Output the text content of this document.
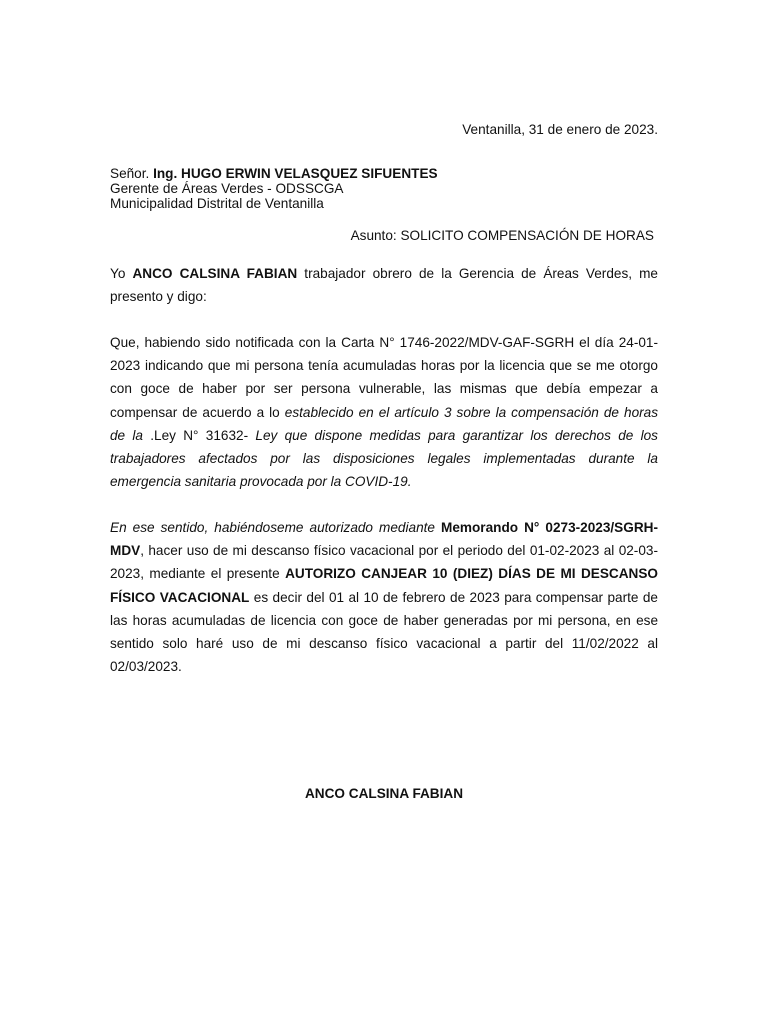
Ventanilla, 31 de enero de 2023.
Señor. Ing. HUGO ERWIN VELASQUEZ SIFUENTES
Gerente de Áreas Verdes - ODSSCGA
Municipalidad Distrital de Ventanilla
Asunto: SOLICITO COMPENSACIÓN DE HORAS
Yo ANCO CALSINA FABIAN trabajador obrero de la Gerencia de Áreas Verdes, me presento y digo:
Que, habiendo sido notificada con la Carta N° 1746-2022/MDV-GAF-SGRH el día 24-01-2023 indicando que mi persona tenía acumuladas horas por la licencia que se me otorgo con goce de haber por ser persona vulnerable, las mismas que debía empezar a compensar de acuerdo a lo establecido en el artículo 3 sobre la compensación de horas de la .Ley N° 31632- Ley que dispone medidas para garantizar los derechos de los trabajadores afectados por las disposiciones legales implementadas durante la emergencia sanitaria provocada por la COVID-19.
En ese sentido, habiéndoseme autorizado mediante Memorando N° 0273-2023/SGRH-MDV, hacer uso de mi descanso físico vacacional por el periodo del 01-02-2023 al 02-03-2023, mediante el presente AUTORIZO CANJEAR 10 (DIEZ) DÍAS DE MI DESCANSO FÍSICO VACACIONAL es decir del 01 al 10 de febrero de 2023 para compensar parte de las horas acumuladas de licencia con goce de haber generadas por mi persona, en ese sentido solo haré uso de mi descanso físico vacacional a partir del 11/02/2022 al 02/03/2023.
ANCO CALSINA FABIAN
